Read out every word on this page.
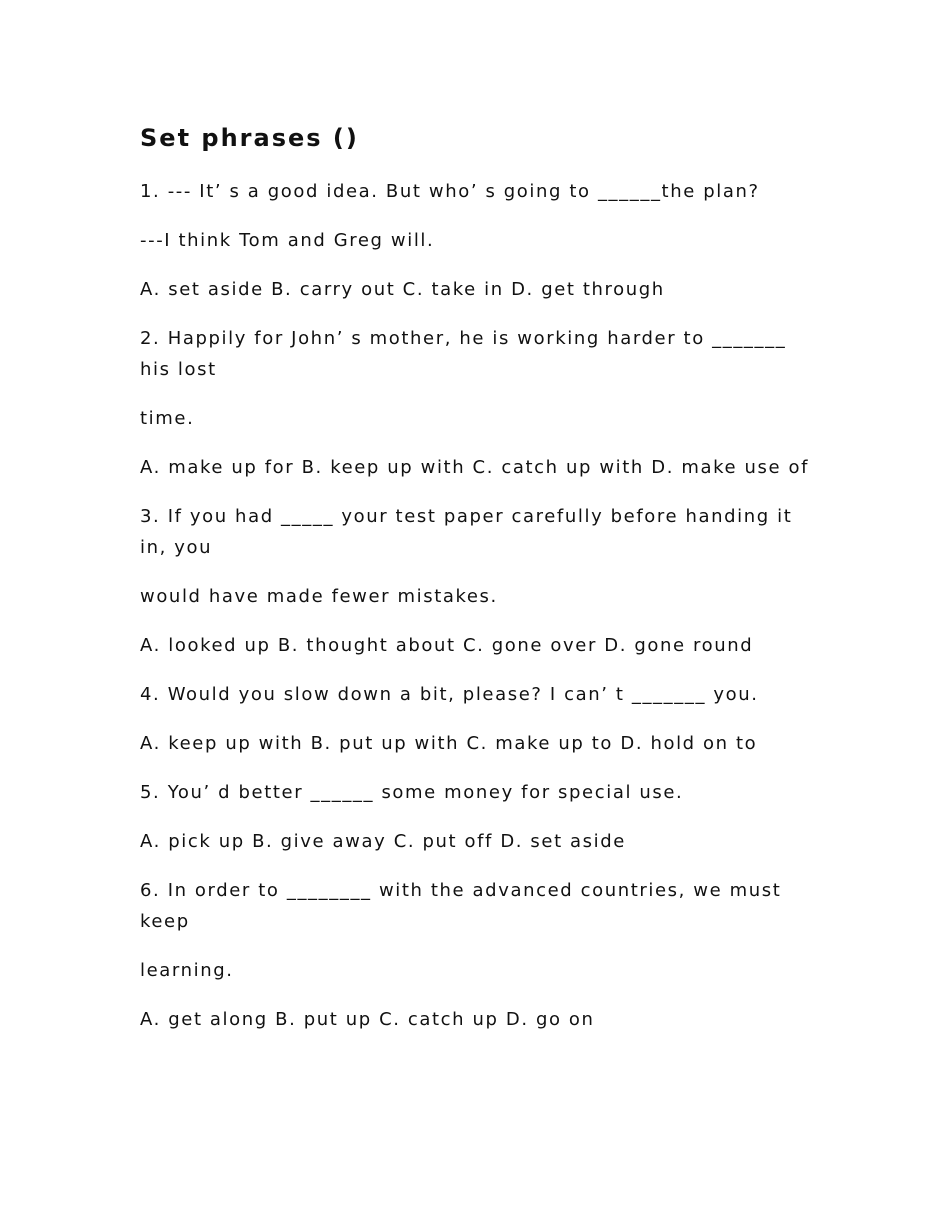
Set phrases ()

1. --- It’ s a good idea. But who’ s going to ______the plan?

---I think Tom and Greg will.

A. set aside B. carry out C. take in D. get through

2. Happily for John’ s mother, he is working harder to _______ his lost

time.

A. make up for B. keep up with C. catch up with D. make use of

3. If you had _____ your test paper carefully before handing it in, you

would have made fewer mistakes.

A. looked up B. thought about C. gone over D. gone round

4. Would you slow down a bit, please? I can’ t _______ you.

A. keep up with B. put up with C. make up to D. hold on to

5. You’ d better ______ some money for special use.

A. pick up B. give away C. put off D. set aside

6. In order to ________ with the advanced countries, we must keep

learning.

A. get along B. put up C. catch up D. go on
